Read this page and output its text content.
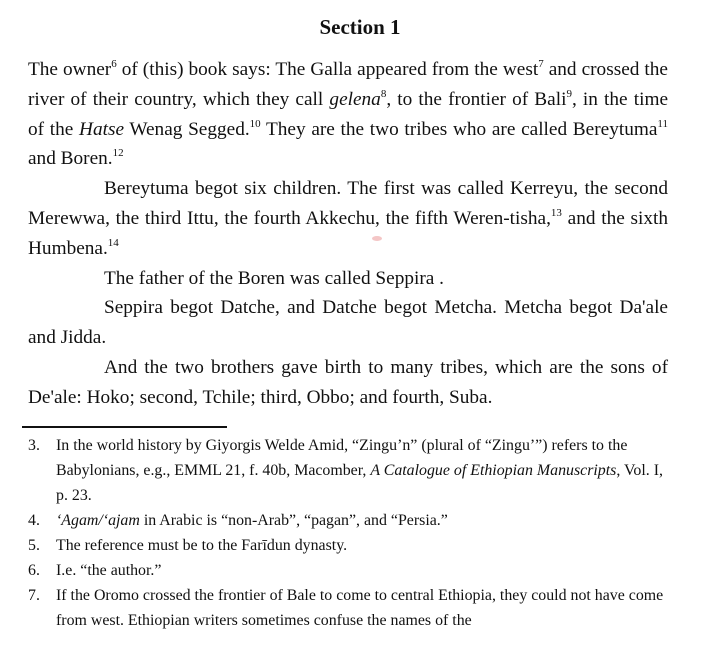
Section 1

The owner$^6$ of (this) book says: The Galla appeared from the west$^7$ and crossed the river of their country, which they call gelena$^8$, to the frontier of Bali$^9$, in the time of the Hatse Wenag Segged.$^{10}$ They are the two tribes who are called Bereytuma$^{11}$ and Boren.$^{12}$

Bereytuma begot six children. The first was called Kerreyu, the second Merewwa, the third Ittu, the fourth Akkechu, the fifth Weren-tisha,$^{13}$ and the sixth Humbena.$^{14}$

The father of the Boren was called Seppira .

Seppira begot Datche, and Datche begot Metcha. Metcha begot Da'ale and Jidda.

And the two brothers gave birth to many tribes, which are the sons of De'ale: Hoko; second, Tchile; third, Obbo; and fourth, Suba.

3.	In the world history by Giyorgis Welde Amid, “Zingu’n” (plural of “Zingu’”) refers to the Babylonians, e.g., EMML 21, f. 40b, Macomber, A Catalogue of Ethiopian Manuscripts, Vol. I, p. 23.
4.	‘Agam/‘ajam in Arabic is “non-Arab”, “pagan”, and “Persia.”
5.	The reference must be to the Farīdun dynasty.
6.	I.e. “the author.”
7.	If the Oromo crossed the frontier of Bale to come to central Ethiopia, they could not have come from west. Ethiopian writers sometimes confuse the names of the
